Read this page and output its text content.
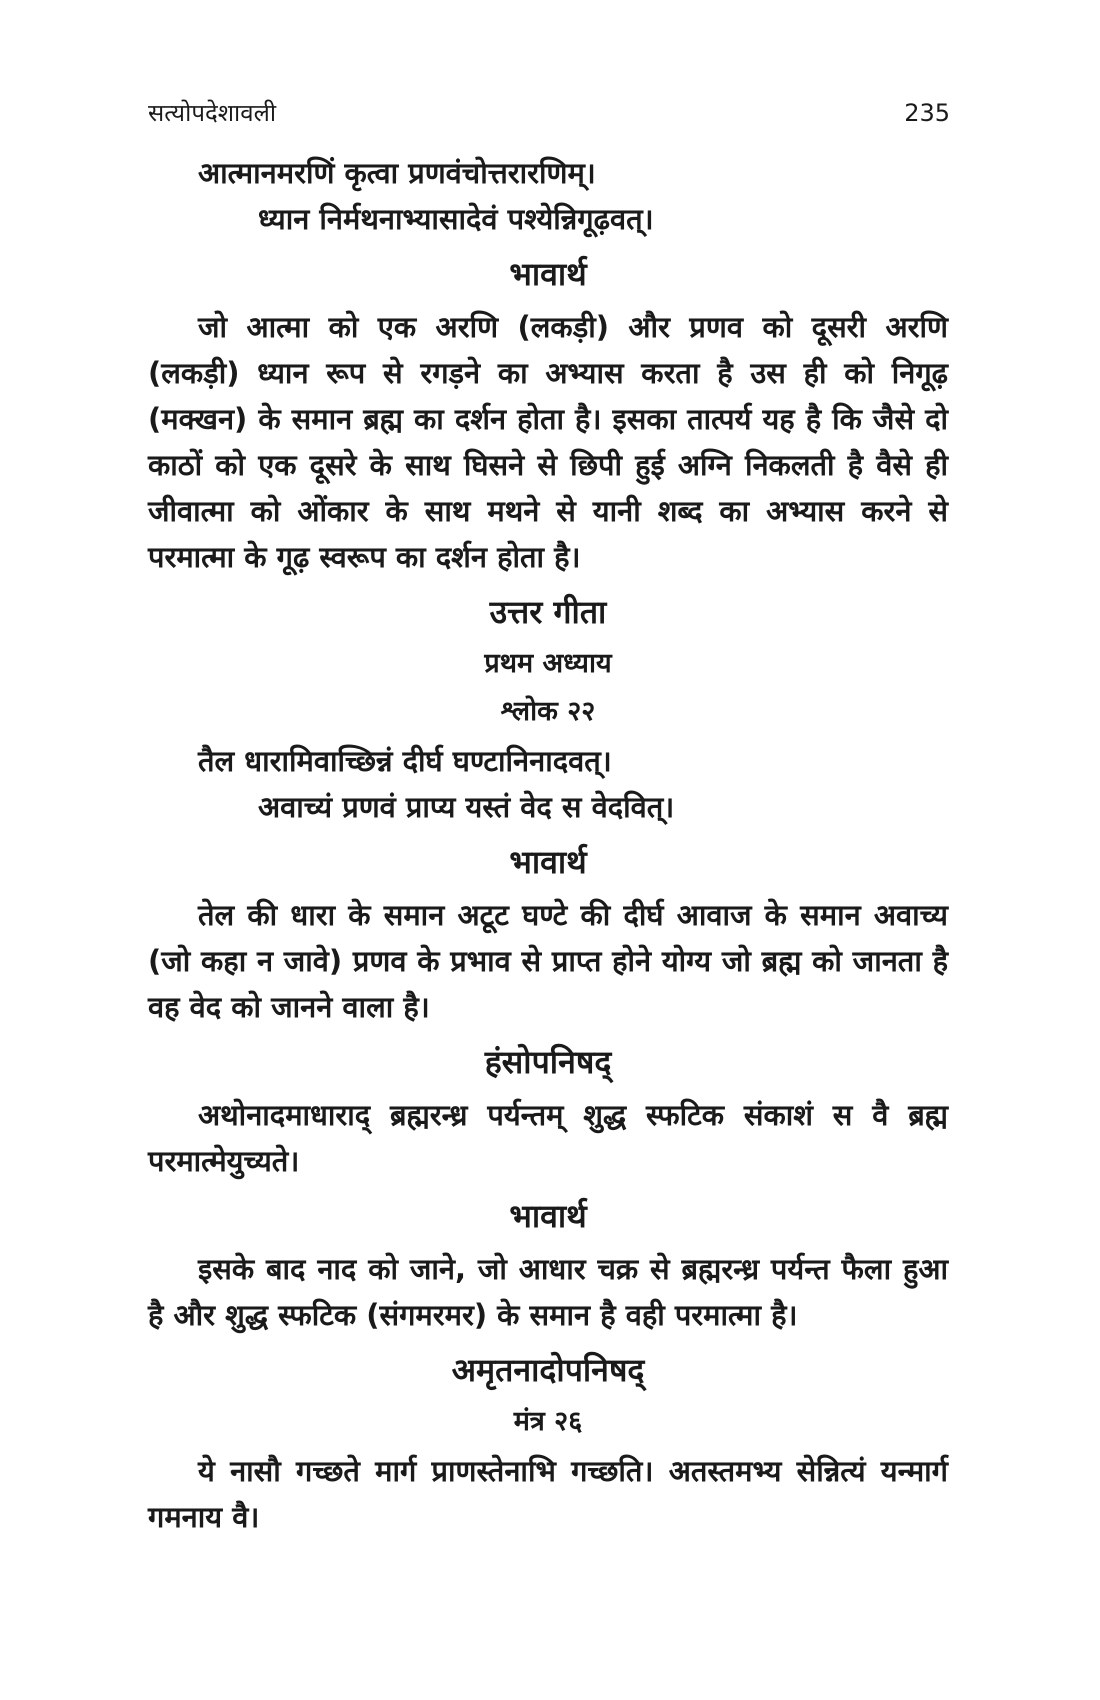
सत्योपदेशावली	235

आत्मानमरणिं कृत्वा प्रणवंचोत्तरारणिम्।

ध्यान निर्मथनाभ्यासादेवं पश्येन्निगूढ़वत्।

भावार्थ

जो आत्मा को एक अरणि (लकड़ी) और प्रणव को दूसरी अरणि (लकड़ी) ध्यान रूप से रगड़ने का अभ्यास करता है उस ही को निगूढ़ (मक्खन) के समान ब्रह्म का दर्शन होता है। इसका तात्पर्य यह है कि जैसे दो काठों को एक दूसरे के साथ घिसने से छिपी हुई अग्नि निकलती है वैसे ही जीवात्मा को ओंकार के साथ मथने से यानी शब्द का अभ्यास करने से परमात्मा के गूढ़ स्वरूप का दर्शन होता है।

उत्तर गीता
प्रथम अध्याय
श्लोक २२

तैल धारामिवाच्छिन्नं दीर्घ घण्टानिनादवत्।

अवाच्यं प्रणवं प्राप्य यस्तं वेद स वेदवित्।

भावार्थ

तेल की धारा के समान अटूट घण्टे की दीर्घ आवाज के समान अवाच्य (जो कहा न जावे) प्रणव के प्रभाव से प्राप्त होने योग्य जो ब्रह्म को जानता है वह वेद को जानने वाला है।

हंसोपनिषद्

अथोनादमाधाराद् ब्रह्मरन्ध्र पर्यन्तम् शुद्ध स्फटिक संकाशं स वै ब्रह्म परमात्मेयुच्यते।

भावार्थ

इसके बाद नाद को जाने, जो आधार चक्र से ब्रह्मरन्ध्र पर्यन्त फैला हुआ है और शुद्ध स्फटिक (संगमरमर) के समान है वही परमात्मा है।

अमृतनादोपनिषद्
मंत्र २६

ये नासौ गच्छते मार्ग प्राणस्तेनाभि गच्छति। अतस्तमभ्य सेन्नित्यं यन्मार्ग गमनाय वै।
